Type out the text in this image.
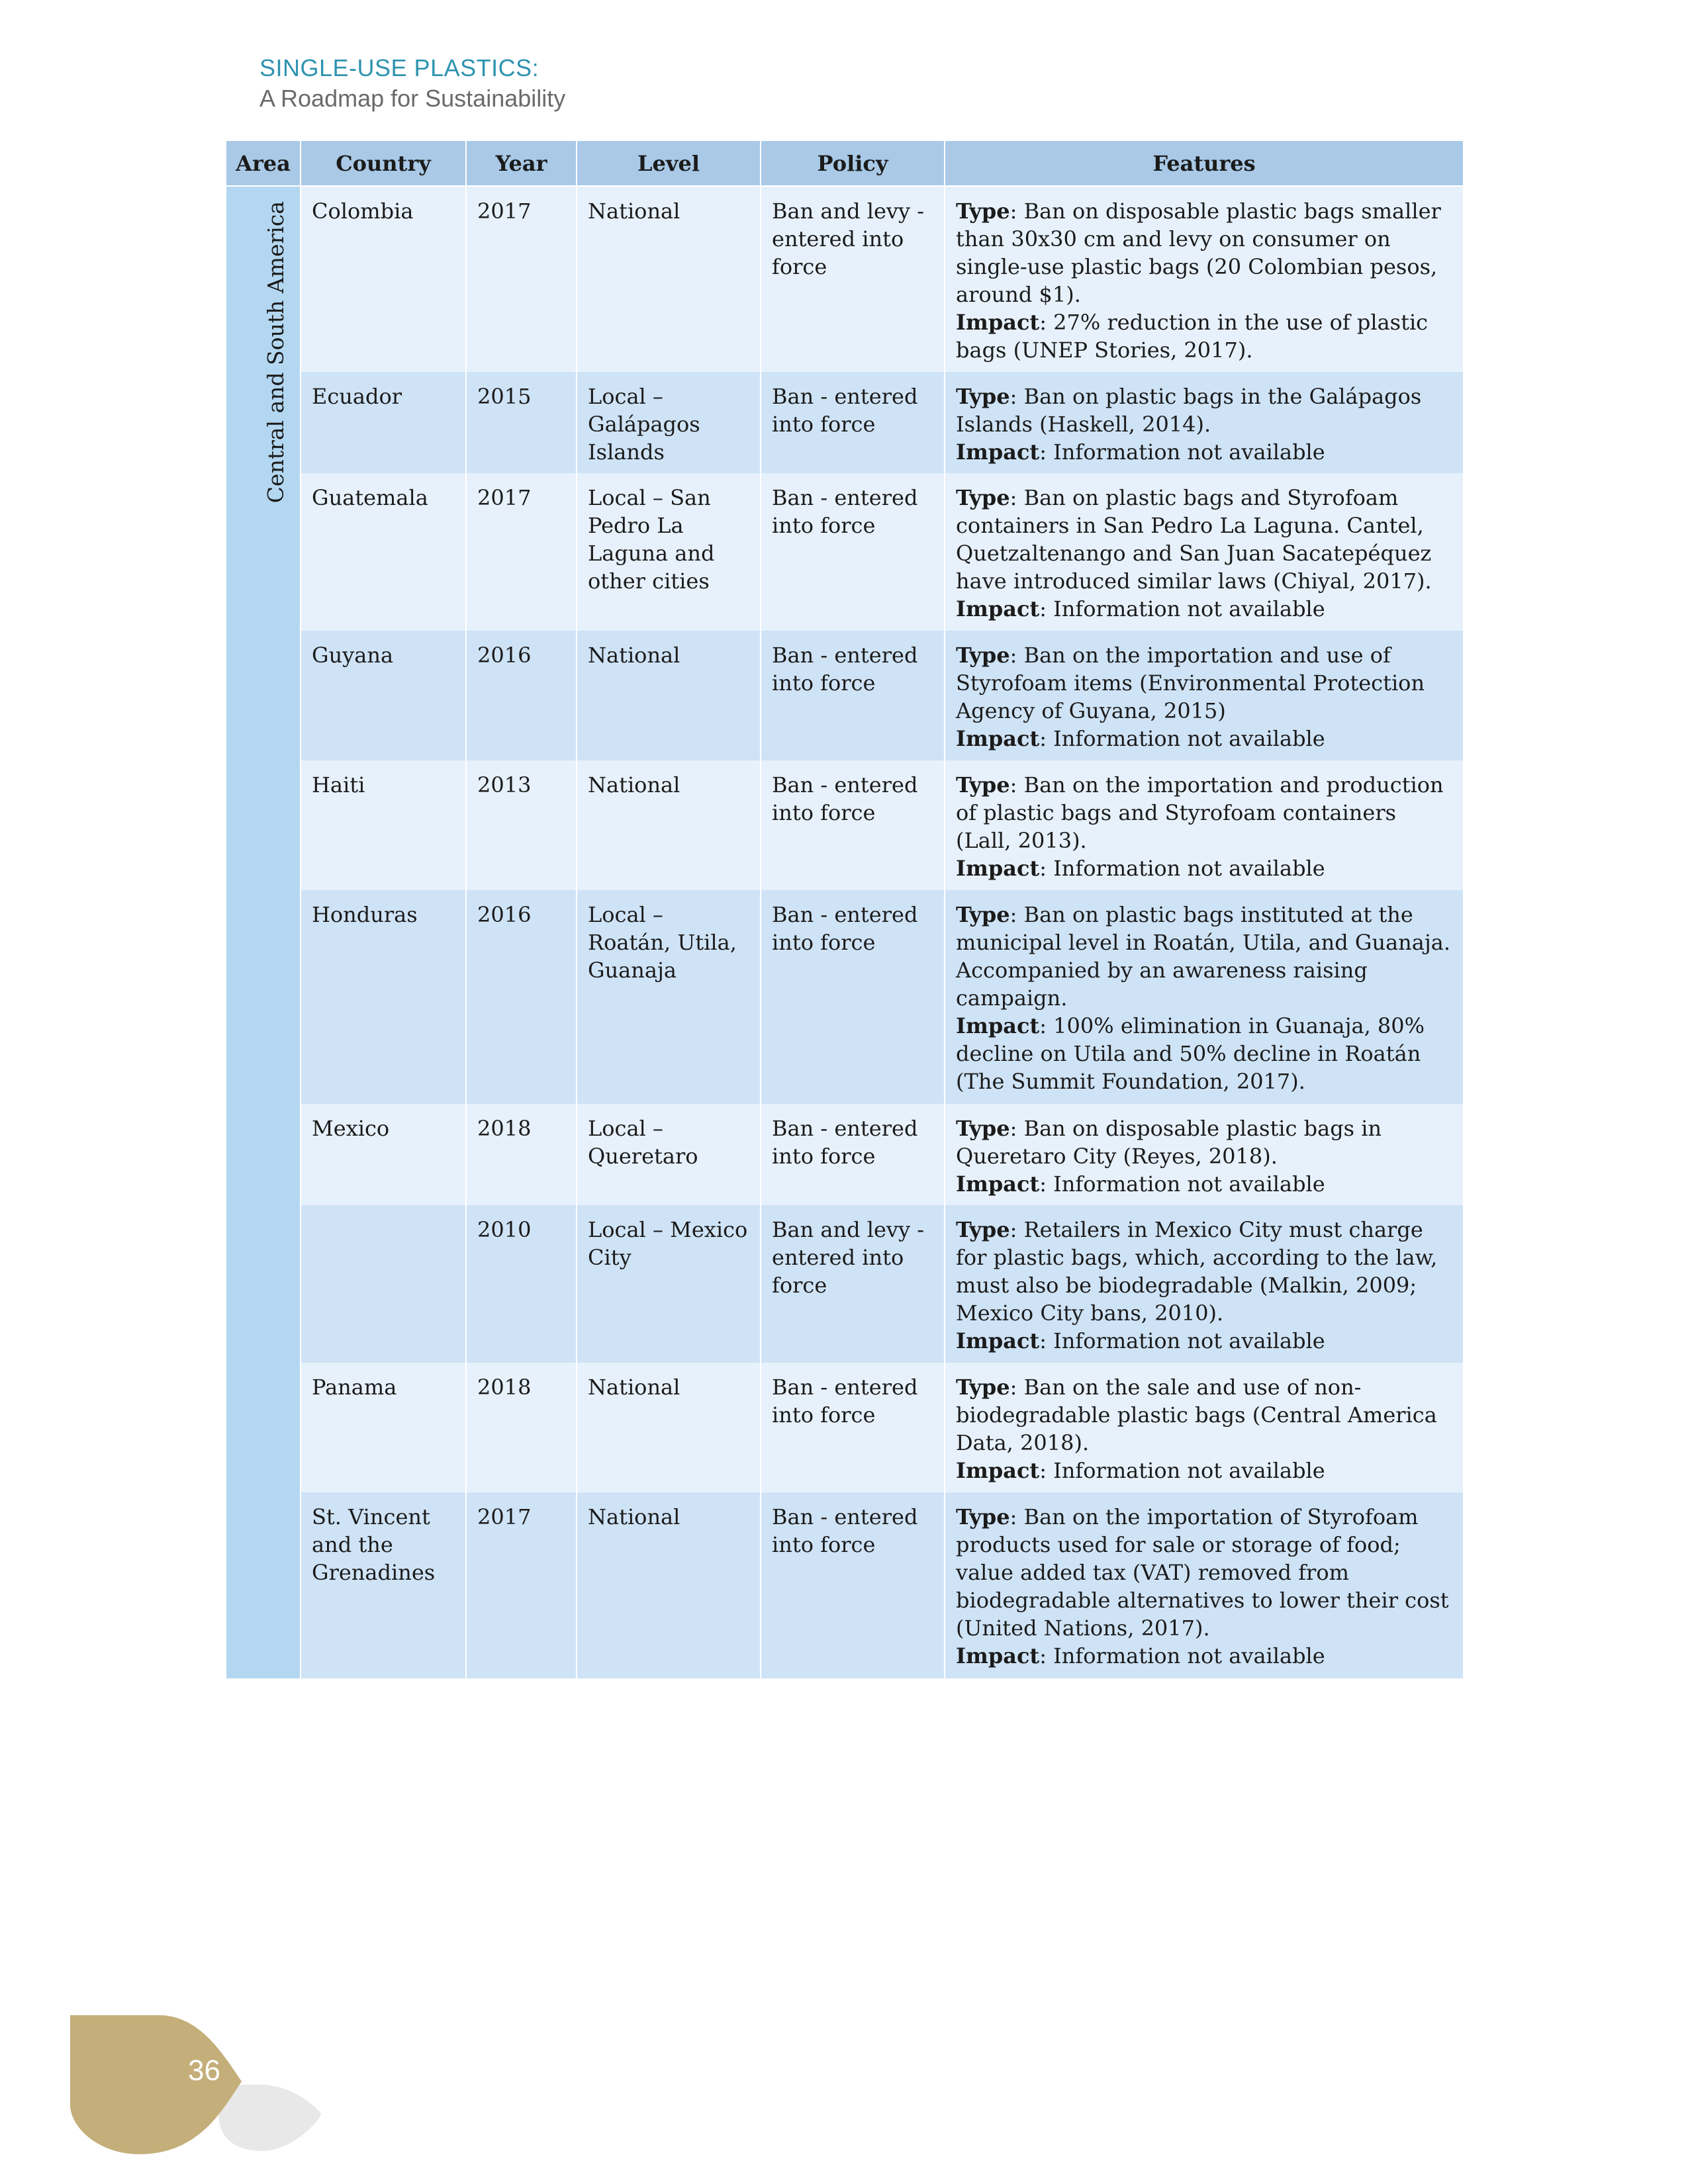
SINGLE-USE PLASTICS:
A Roadmap for Sustainability
Area	Country	Year	Level	Policy	Features

Central and South America	Colombia	2017	National	Ban and levy - entered into force	Type: Ban on disposable plastic bags smaller than 30x30 cm and levy on consumer on single-use plastic bags (20 Colombian pesos, around $1).
Impact: 27% reduction in the use of plastic bags (UNEP Stories, 2017).
	Ecuador	2015	Local – Galápagos Islands	Ban - entered into force	Type: Ban on plastic bags in the Galápagos Islands (Haskell, 2014).
Impact: Information not available
	Guatemala	2017	Local – San Pedro La Laguna and other cities	Ban - entered into force	Type: Ban on plastic bags and Styrofoam containers in San Pedro La Laguna. Cantel, Quetzaltenango and San Juan Sacatepéquez have introduced similar laws (Chiyal, 2017).
Impact: Information not available
	Guyana	2016	National	Ban - entered into force	Type: Ban on the importation and use of Styrofoam items (Environmental Protection Agency of Guyana, 2015)
Impact: Information not available
	Haiti	2013	National	Ban - entered into force	Type: Ban on the importation and production of plastic bags and Styrofoam containers (Lall, 2013).
Impact: Information not available
	Honduras	2016	Local – Roatán, Utila, Guanaja	Ban - entered into force	Type: Ban on plastic bags instituted at the municipal level in Roatán, Utila, and Guanaja. Accompanied by an awareness raising campaign.
Impact: 100% elimination in Guanaja, 80% decline on Utila and 50% decline in Roatán (The Summit Foundation, 2017).
	Mexico	2018	Local – Queretaro	Ban - entered into force	Type: Ban on disposable plastic bags in Queretaro City (Reyes, 2018).
Impact: Information not available
		2010	Local – Mexico City	Ban and levy - entered into force	Type: Retailers in Mexico City must charge for plastic bags, which, according to the law, must also be biodegradable (Malkin, 2009; Mexico City bans, 2010).
Impact: Information not available
	Panama	2018	National	Ban - entered into force	Type: Ban on the sale and use of non-biodegradable plastic bags (Central America Data, 2018).
Impact: Information not available
	St. Vincent and the Grenadines	2017	National	Ban - entered into force	Type: Ban on the importation of Styrofoam products used for sale or storage of food; value added tax (VAT) removed from biodegradable alternatives to lower their cost (United Nations, 2017).
Impact: Information not available
36
